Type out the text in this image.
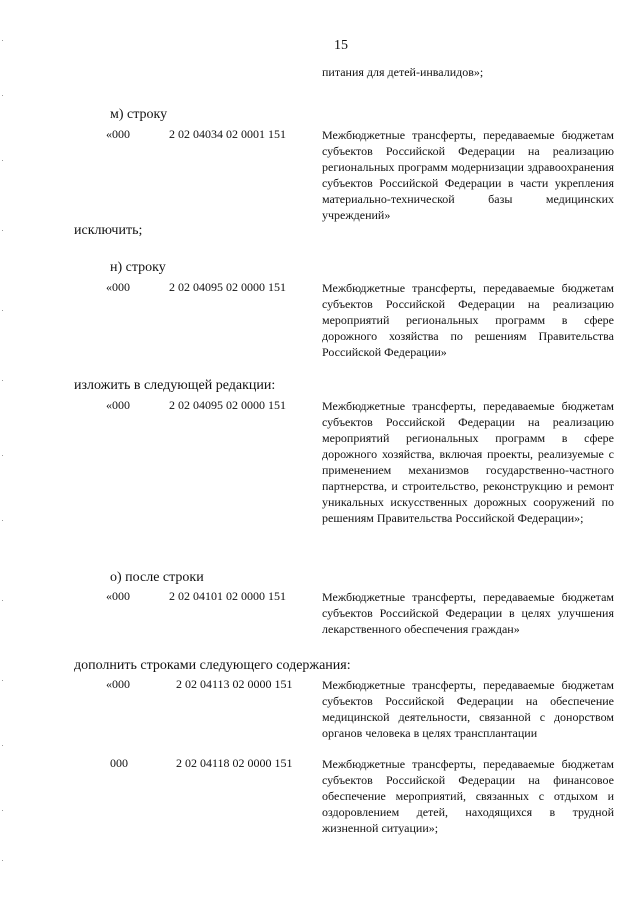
15
питания для детей-инвалидов»;
м) строку
«000	2 02 04034 02 0001 151	Межбюджетные трансферты, передаваемые бюджетам субъектов Российской Федерации на реализацию региональных программ модернизации здравоохранения субъектов Российской Федерации в части укрепления материально-технической базы медицинских учреждений»
исключить;
н) строку
«000	2 02 04095 02 0000 151	Межбюджетные трансферты, передаваемые бюджетам субъектов Российской Федерации на реализацию мероприятий региональных программ в сфере дорожного хозяйства по решениям Правительства Российской Федерации»
изложить в следующей редакции:
«000	2 02 04095 02 0000 151	Межбюджетные трансферты, передаваемые бюджетам субъектов Российской Федерации на реализацию мероприятий региональных программ в сфере дорожного хозяйства, включая проекты, реализуемые с применением механизмов государственно-частного партнерства, и строительство, реконструкцию и ремонт уникальных искусственных дорожных сооружений по решениям Правительства Российской Федерации»;
о) после строки
«000	2 02 04101 02 0000 151	Межбюджетные трансферты, передаваемые бюджетам субъектов Российской Федерации в целях улучшения лекарственного обеспечения граждан»
дополнить строками следующего содержания:
«000	2 02 04113 02 0000 151 Межбюджетные трансферты, передаваемые бюджетам субъектов Российской Федерации на обеспечение медицинской деятельности, связанной с донорством органов человека в целях трансплантации
000	2 02 04118 02 0000 151 Межбюджетные трансферты, передаваемые бюджетам субъектов Российской Федерации на финансовое обеспечение мероприятий, связанных с отдыхом и оздоровлением детей, находящихся в трудной жизненной ситуации»;
